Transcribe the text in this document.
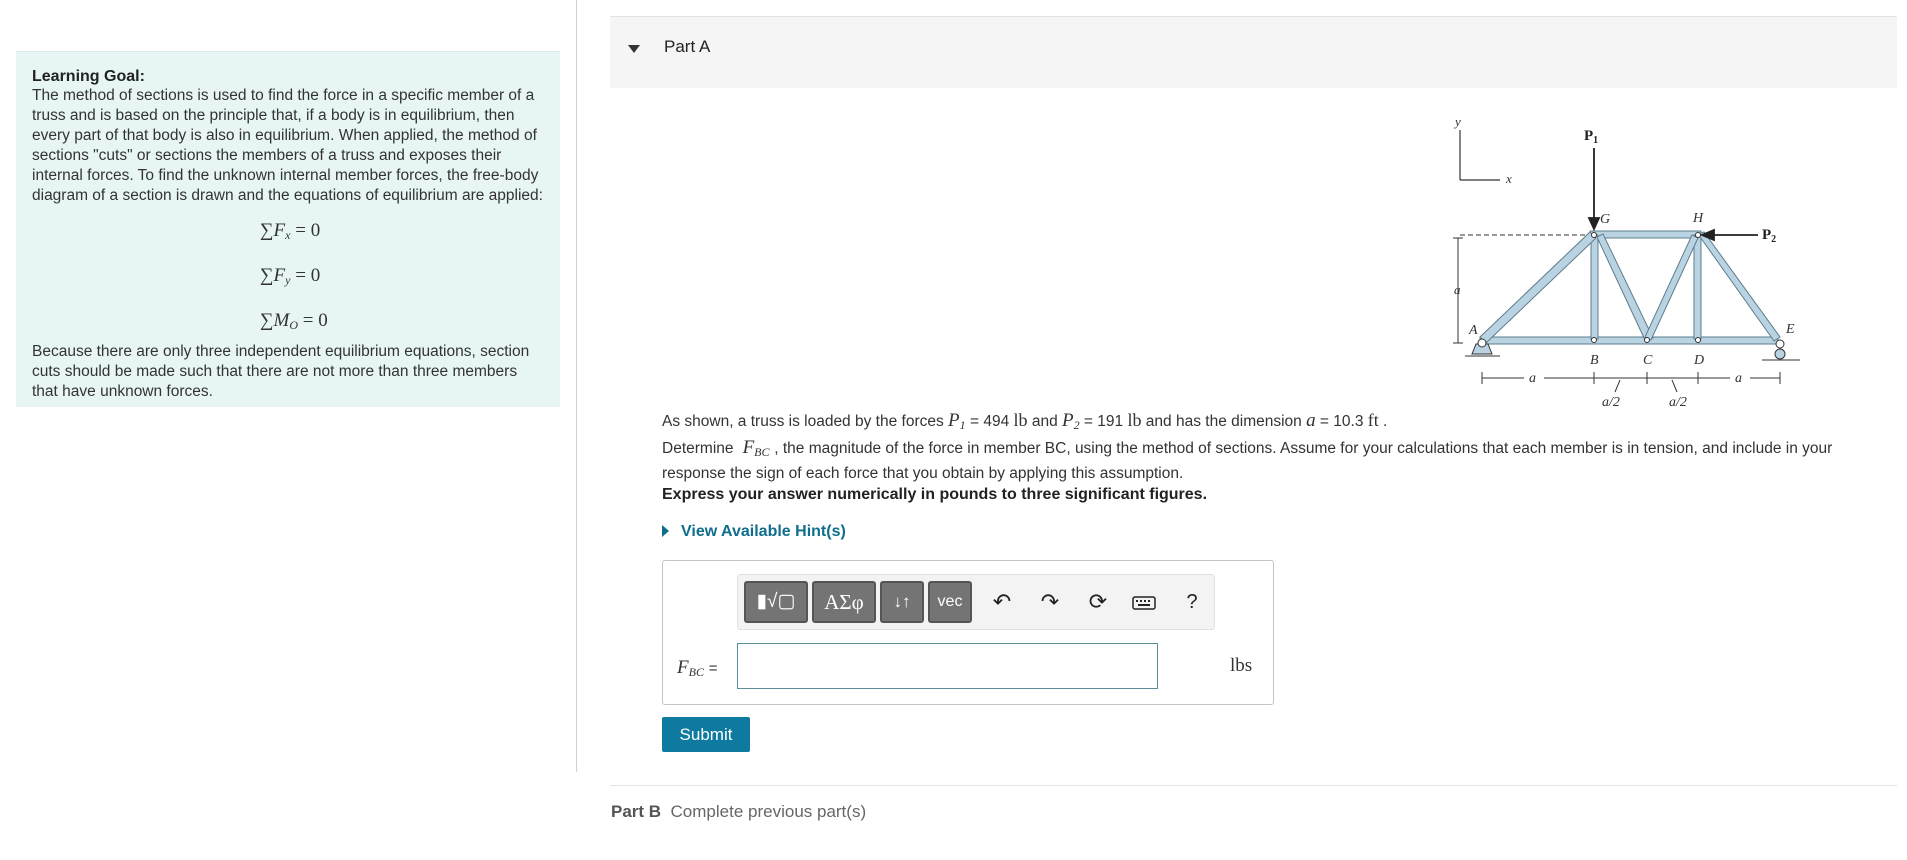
Learning Goal:

The method of sections is used to find the force in a specific member of a truss and is based on the principle that, if a body is in equilibrium, then every part of that body is also in equilibrium. When applied, the method of sections "cuts" or sections the members of a truss and exposes their internal forces. To find the unknown internal member forces, the free-body diagram of a section is drawn and the equations of equilibrium are applied:

$\sum F_x = 0$
$\sum F_y = 0$
$\sum M_O = 0$

Because there are only three independent equilibrium equations, section cuts should be made such that there are not more than three members that have unknown forces.

Part A
y
x
a
$P_1$
$P_2$
G	H
A	E
B	C	D
a	a
a/2	a/2
As shown, a truss is loaded by the forces $P_1 = 494$ lb and $P_2 = 191$ lb and has the dimension a = 10.3 ft .
Determine  $F_{BC}$ , the magnitude of the force in member BC, using the method of sections. Assume for your calculations that each member is in tension, and include in your response the sign of each force that you obtain by applying this assumption.
Express your answer numerically in pounds to three significant figures.
View Available Hint(s)
▮√▢	ΑΣφ	↓↑	vec	↶	↷	⟳	?
$F_{BC}$ =	lbs
Submit
Part B Complete previous part(s)
